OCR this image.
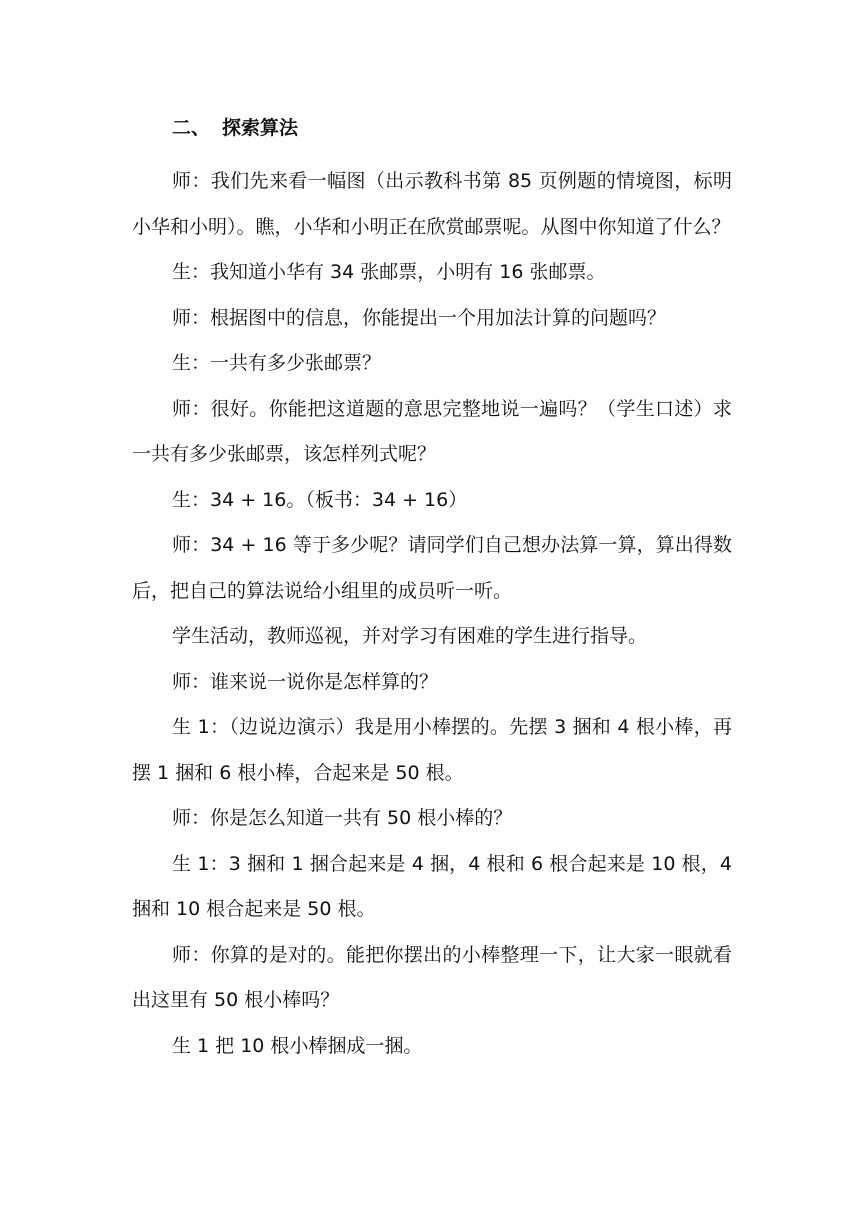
二、 探索算法

师：我们先来看一幅图（出示教科书第 85 页例题的情境图，标明小华和小明）。瞧，小华和小明正在欣赏邮票呢。从图中你知道了什么？

生：我知道小华有 34 张邮票，小明有 16 张邮票。

师：根据图中的信息，你能提出一个用加法计算的问题吗？

生：一共有多少张邮票？

师：很好。你能把这道题的意思完整地说一遍吗？（学生口述）求一共有多少张邮票，该怎样列式呢？

生：34 + 16。（板书：34 + 16）

师：34 + 16 等于多少呢？请同学们自己想办法算一算，算出得数后，把自己的算法说给小组里的成员听一听。

学生活动，教师巡视，并对学习有困难的学生进行指导。

师：谁来说一说你是怎样算的？

生 1：（边说边演示）我是用小棒摆的。先摆 3 捆和 4 根小棒，再摆 1 捆和 6 根小棒，合起来是 50 根。

师：你是怎么知道一共有 50 根小棒的？

生 1：3 捆和 1 捆合起来是 4 捆，4 根和 6 根合起来是 10 根，4 捆和 10 根合起来是 50 根。

师：你算的是对的。能把你摆出的小棒整理一下，让大家一眼就看出这里有 50 根小棒吗？

生 1 把 10 根小棒捆成一捆。
